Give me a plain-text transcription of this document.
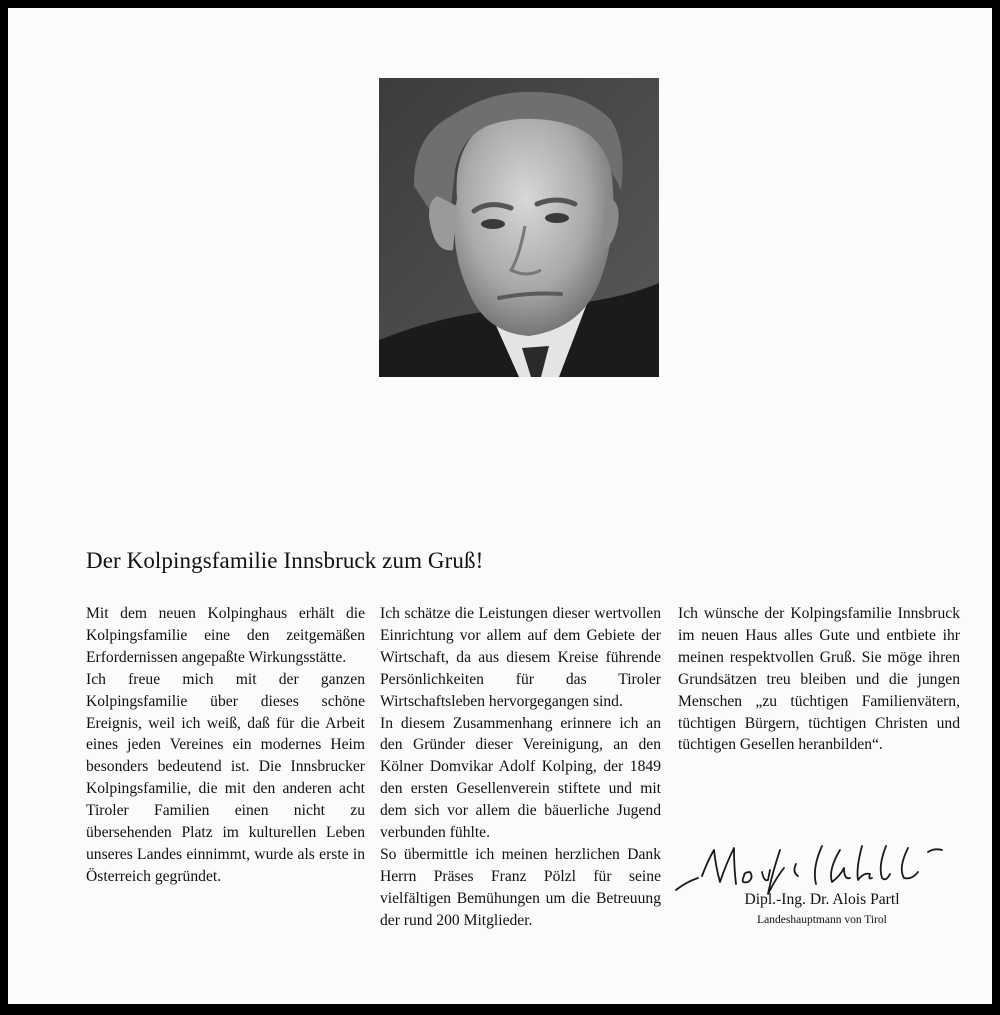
Der Kolpingsfamilie Innsbruck zum Gruß!

Mit dem neuen Kolpinghaus erhält die Kolpingsfamilie eine den zeitgemäßen Erfordernissen angepaßte Wirkungsstätte.

Ich freue mich mit der ganzen Kolpingsfamilie über dieses schöne Ereignis, weil ich weiß, daß für die Arbeit eines jeden Vereines ein modernes Heim besonders bedeutend ist. Die Innsbrucker Kolpingsfamilie, die mit den anderen acht Tiroler Familien einen nicht zu übersehenden Platz im kulturellen Leben unseres Landes einnimmt, wurde als erste in Österreich gegründet.

Ich schätze die Leistungen dieser wertvollen Einrichtung vor allem auf dem Gebiete der Wirtschaft, da aus diesem Kreise führende Persönlichkeiten für das Tiroler Wirtschaftsleben hervorgegangen sind.

In diesem Zusammenhang erinnere ich an den Gründer dieser Vereinigung, an den Kölner Domvikar Adolf Kolping, der 1849 den ersten Gesellenverein stiftete und mit dem sich vor allem die bäuerliche Jugend verbunden fühlte.

So übermittle ich meinen herzlichen Dank Herrn Präses Franz Pölzl für seine vielfältigen Bemühungen um die Betreuung der rund 200 Mitglieder.

Ich wünsche der Kolpingsfamilie Innsbruck im neuen Haus alles Gute und entbiete ihr meinen respektvollen Gruß. Sie möge ihren Grundsätzen treu bleiben und die jungen Menschen „zu tüchtigen Familienvätern, tüchtigen Bürgern, tüchtigen Christen und tüchtigen Gesellen heranbilden“.

Dipl.-Ing. Dr. Alois Partl
Landeshauptmann von Tirol
